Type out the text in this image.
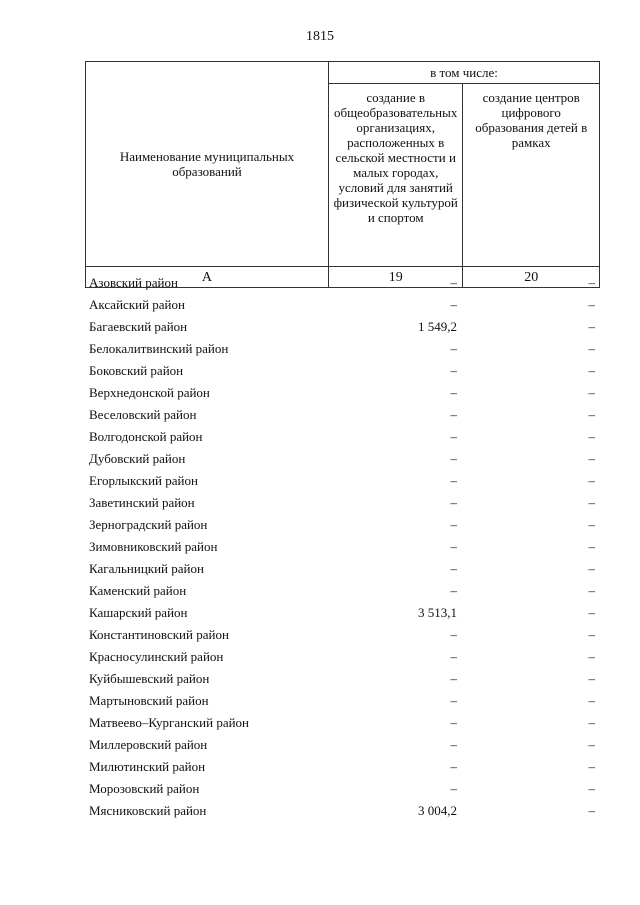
1815
Наименование муниципальных образований	в том числе:	

	создание в общеобразовательных организациях, расположенных в сельской местности и малых городах, условий для занятий физической культурой и спортом	создание центров цифрового образования детей в рамках

А	19	20
Азовский район	–	–
Аксайский район	–	–
Багаевский район	1 549,2	–
Белокалитвинский район	–	–
Боковский район	–	–
Верхнедонской район	–	–
Веселовский район	–	–
Волгодонской район	–	–
Дубовский район	–	–
Егорлыкский район	–	–
Заветинский район	–	–
Зерноградский район	–	–
Зимовниковский район	–	–
Кагальницкий район	–	–
Каменский район	–	–
Кашарский район	3 513,1	–
Константиновский район	–	–
Красносулинский район	–	–
Куйбышевский район	–	–
Мартыновский район	–	–
Матвеево–Курганский район	–	–
Миллеровский район	–	–
Милютинский район	–	–
Морозовский район	–	–
Мясниковский район	3 004,2	–
